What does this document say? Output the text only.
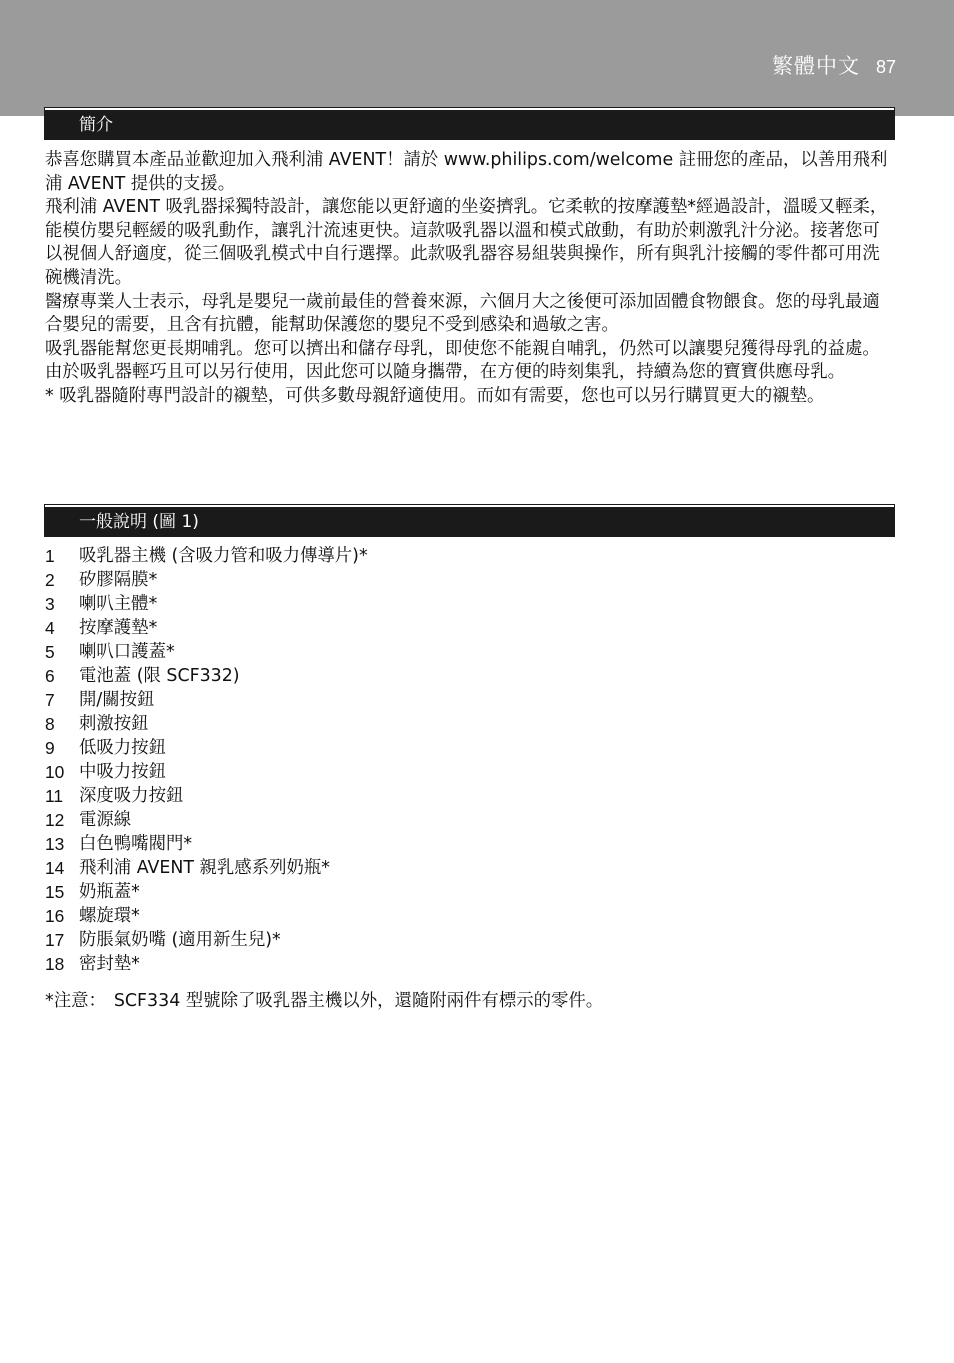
繁體中文 87
簡介

恭喜您購買本產品並歡迎加入飛利浦 AVENT！請於 www.philips.com/welcome 註冊您的產品，以善用飛利浦 AVENT 提供的支援。

飛利浦 AVENT 吸乳器採獨特設計，讓您能以更舒適的坐姿擠乳。它柔軟的按摩護墊*經過設計，溫暖又輕柔，能模仿嬰兒輕緩的吸乳動作，讓乳汁流速更快。這款吸乳器以溫和模式啟動，有助於刺激乳汁分泌。接著您可以視個人舒適度，從三個吸乳模式中自行選擇。此款吸乳器容易組裝與操作，所有與乳汁接觸的零件都可用洗碗機清洗。

醫療專業人士表示，母乳是嬰兒一歲前最佳的營養來源，六個月大之後便可添加固體食物餵食。您的母乳最適合嬰兒的需要，且含有抗體，能幫助保護您的嬰兒不受到感染和過敏之害。

吸乳器能幫您更長期哺乳。您可以擠出和儲存母乳，即使您不能親自哺乳，仍然可以讓嬰兒獲得母乳的益處。由於吸乳器輕巧且可以另行使用，因此您可以隨身攜帶，在方便的時刻集乳，持續為您的寶寶供應母乳。

* 吸乳器隨附專門設計的襯墊，可供多數母親舒適使用。而如有需要，您也可以另行購買更大的襯墊。

一般說明 (圖 1)
1	吸乳器主機 (含吸力管和吸力傳導片)*
2	矽膠隔膜*
3	喇叭主體*
4	按摩護墊*
5	喇叭口護蓋*
6	電池蓋 (限 SCF332)
7	開/關按鈕
8	刺激按鈕
9	低吸力按鈕
10 中吸力按鈕
11 深度吸力按鈕
12 電源線
13 白色鴨嘴閥門*
14 飛利浦 AVENT 親乳感系列奶瓶*
15 奶瓶蓋*
16 螺旋環*
17 防脹氣奶嘴 (適用新生兒)*
18 密封墊*
*注意： SCF334 型號除了吸乳器主機以外，還隨附兩件有標示的零件。
